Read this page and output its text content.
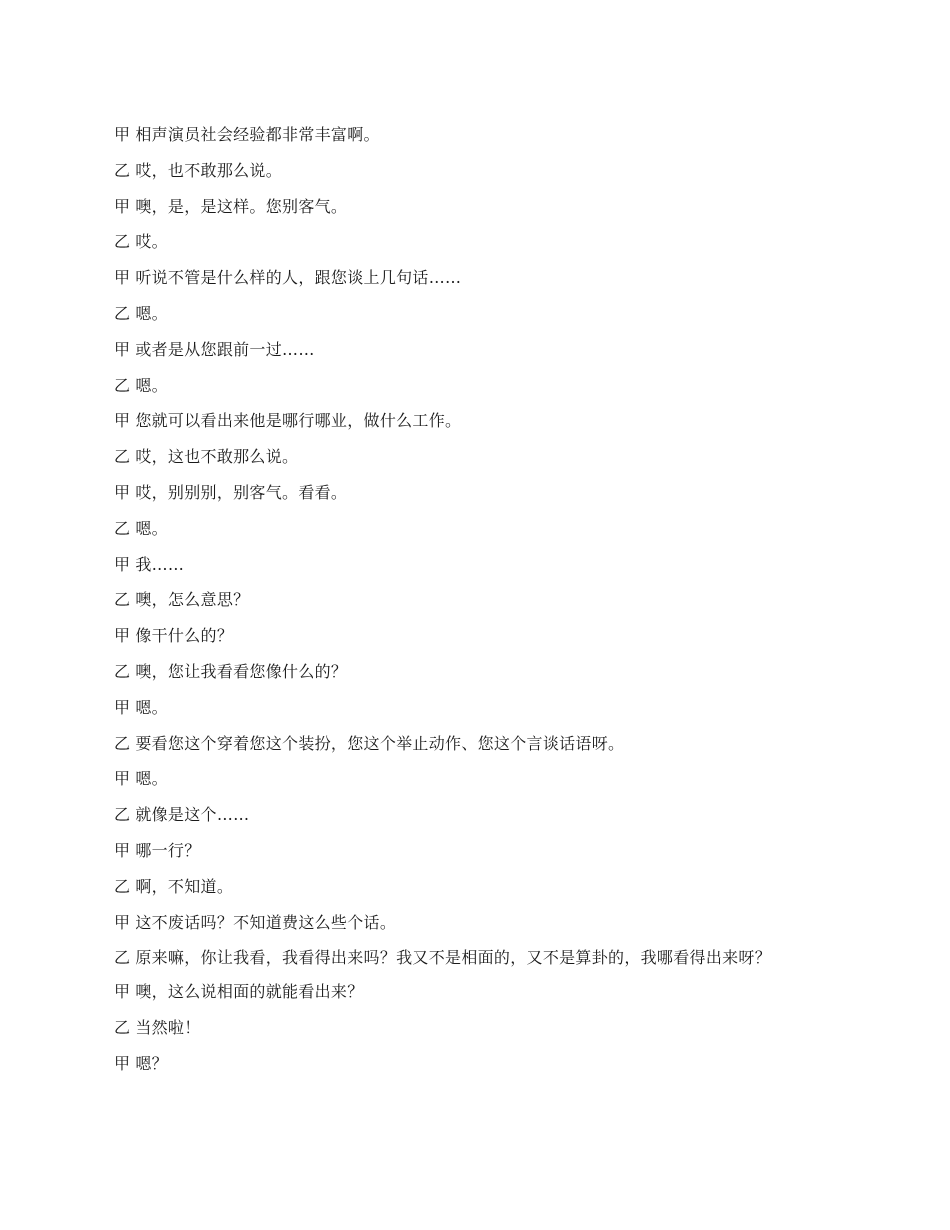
甲 相声演员社会经验都非常丰富啊。

乙 哎，也不敢那么说。

甲 噢，是，是这样。您别客气。

乙 哎。

甲 听说不管是什么样的人，跟您谈上几句话……

乙 嗯。

甲 或者是从您跟前一过……

乙 嗯。

甲 您就可以看出来他是哪行哪业，做什么工作。

乙 哎，这也不敢那么说。

甲 哎，别别别，别客气。看看。

乙 嗯。

甲 我……

乙 噢，怎么意思？

甲 像干什么的？

乙 噢，您让我看看您像什么的？

甲 嗯。

乙 要看您这个穿着您这个装扮，您这个举止动作、您这个言谈话语呀。

甲 嗯。

乙 就像是这个……

甲 哪一行？

乙 啊，不知道。

甲 这不废话吗？不知道费这么些个话。

乙 原来嘛，你让我看，我看得出来吗？我又不是相面的，又不是算卦的，我哪看得出来呀？

甲 噢，这么说相面的就能看出来？

乙 当然啦！

甲 嗯？
